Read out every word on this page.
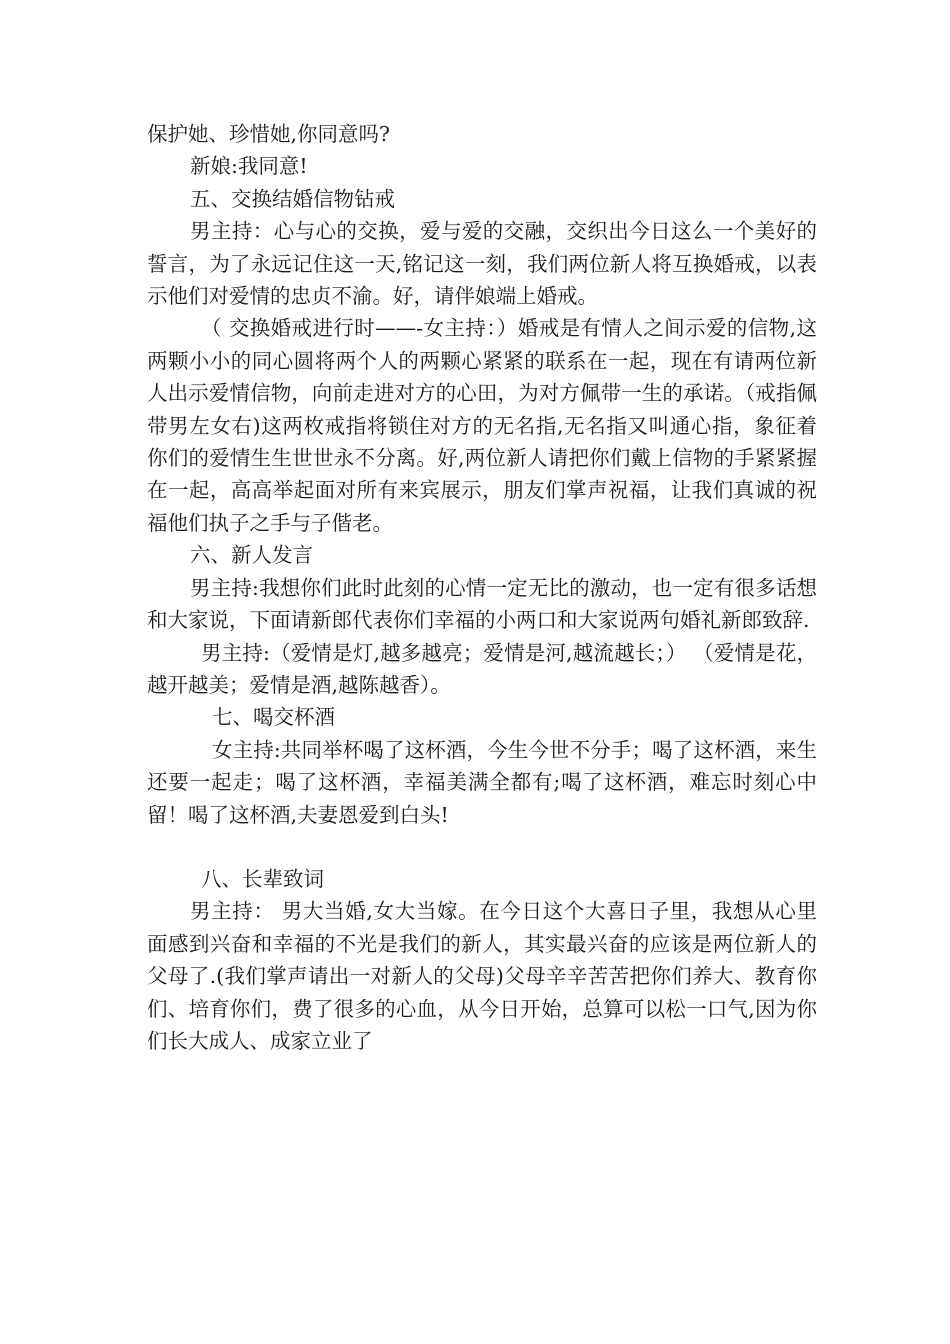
保护她、珍惜她,你同意吗?

新娘:我同意!

五、交换结婚信物钻戒

男主持：心与心的交换，爱与爱的交融，交织出今日这么一个美好的誓言，为了永远记住这一天,铭记这一刻，我们两位新人将互换婚戒，以表示他们对爱情的忠贞不渝。好，请伴娘端上婚戒。

（ 交换婚戒进行时——-女主持：）婚戒是有情人之间示爱的信物,这两颗小小的同心圆将两个人的两颗心紧紧的联系在一起，现在有请两位新人出示爱情信物，向前走进对方的心田，为对方佩带一生的承诺。（戒指佩带男左女右)这两枚戒指将锁住对方的无名指,无名指又叫通心指，象征着你们的爱情生生世世永不分离。好,两位新人请把你们戴上信物的手紧紧握在一起，高高举起面对所有来宾展示，朋友们掌声祝福，让我们真诚的祝福他们执子之手与子偕老。

六、新人发言

男主持:我想你们此时此刻的心情一定无比的激动，也一定有很多话想和大家说，下面请新郎代表你们幸福的小两口和大家说两句婚礼新郎致辞.

男主持:（爱情是灯,越多越亮；爱情是河,越流越长；） （爱情是花，越开越美；爱情是酒,越陈越香）。

七、喝交杯酒

女主持:共同举杯喝了这杯酒，今生今世不分手；喝了这杯酒，来生还要一起走；喝了这杯酒，幸福美满全都有;喝了这杯酒，难忘时刻心中留！喝了这杯酒,夫妻恩爱到白头!

八、长辈致词

男主持： 男大当婚,女大当嫁。在今日这个大喜日子里，我想从心里面感到兴奋和幸福的不光是我们的新人，其实最兴奋的应该是两位新人的父母了.(我们掌声请出一对新人的父母)父母辛辛苦苦把你们养大、教育你们、培育你们，费了很多的心血，从今日开始，总算可以松一口气,因为你们长大成人、成家立业了
